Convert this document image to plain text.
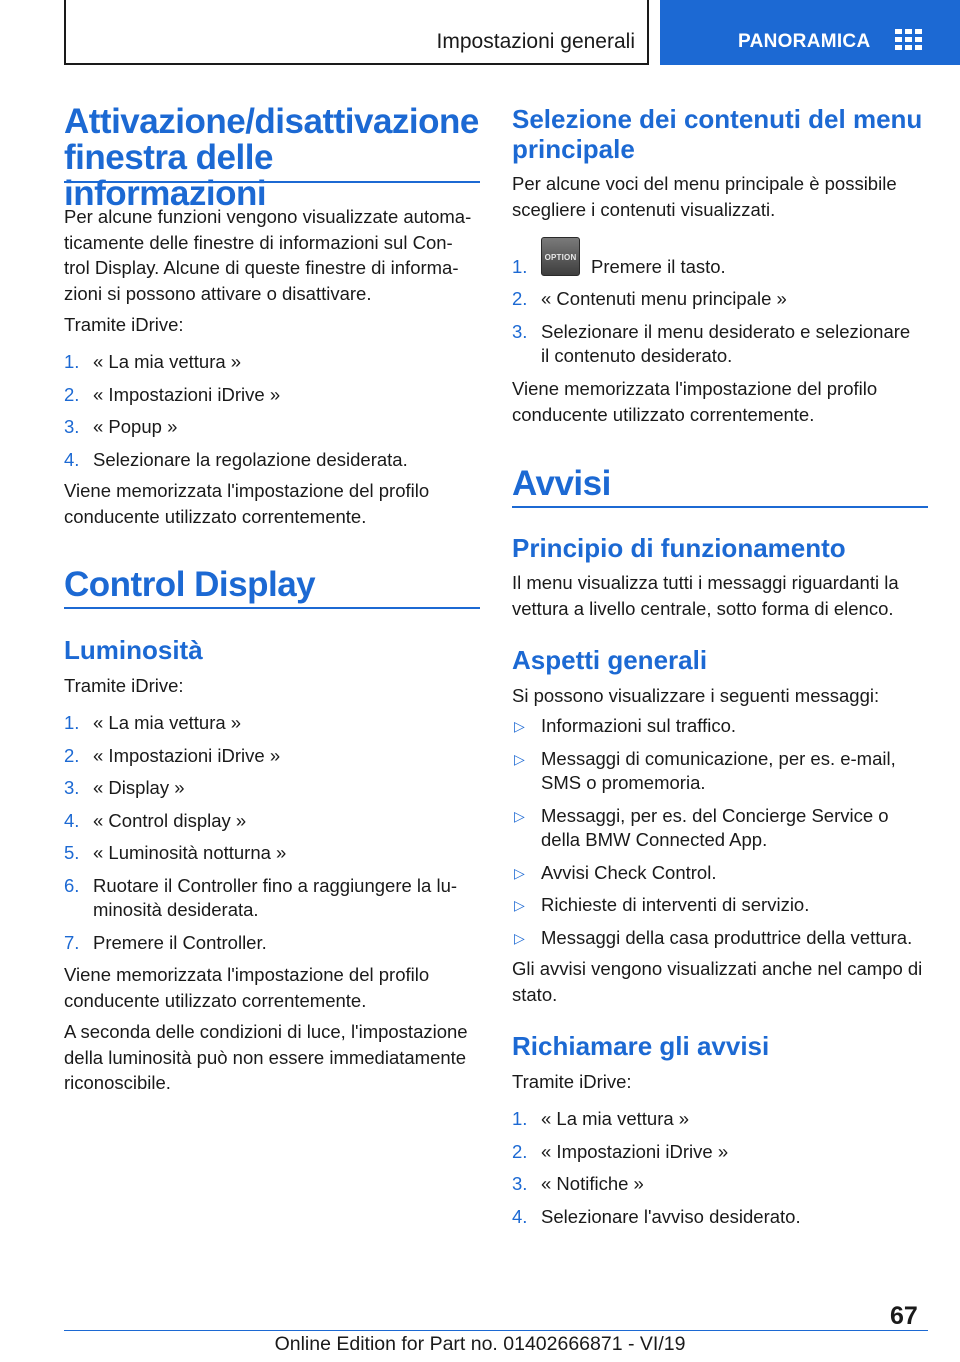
Impostazioni generali	PANORAMICA
Attivazione/disattivazione
finestra delle informazioni
Per alcune funzioni vengono visualizzate automa‐
ticamente delle finestre di informazioni sul Con‐
trol Display. Alcune di queste finestre di informa‐
zioni si possono attivare o disattivare.
Tramite iDrive:
1. « La mia vettura »
2. « Impostazioni iDrive »
3. « Popup »
4. Selezionare la regolazione desiderata.
Viene memorizzata l'impostazione del profilo
conducente utilizzato correntemente.
Control Display
Luminosità
Tramite iDrive:
1. « La mia vettura »
2. « Impostazioni iDrive »
3. « Display »
4. « Control display »
5. « Luminosità notturna »
6. Ruotare il Controller fino a raggiungere la lu‐
minosità desiderata.
7. Premere il Controller.
Viene memorizzata l'impostazione del profilo
conducente utilizzato correntemente.
A seconda delle condizioni di luce, l'impostazione
della luminosità può non essere immediatamente
riconoscibile.
Selezione dei contenuti del menu
principale
Per alcune voci del menu principale è possibile
scegliere i contenuti visualizzati.
1.	OPTION Premere il tasto.
2. « Contenuti menu principale »
3. Selezionare il menu desiderato e selezionare
il contenuto desiderato.
Viene memorizzata l'impostazione del profilo
conducente utilizzato correntemente.
Avvisi
Principio di funzionamento
Il menu visualizza tutti i messaggi riguardanti la
vettura a livello centrale, sotto forma di elenco.
Aspetti generali
Si possono visualizzare i seguenti messaggi:
▷ Informazioni sul traffico.
▷ Messaggi di comunicazione, per es. e-mail,
SMS o promemoria.
▷ Messaggi, per es. del Concierge Service o
della BMW Connected App.
▷ Avvisi Check Control.
▷ Richieste di interventi di servizio.
▷ Messaggi della casa produttrice della vettura.
Gli avvisi vengono visualizzati anche nel campo di
stato.
Richiamare gli avvisi
Tramite iDrive:
1. « La mia vettura »
2. « Impostazioni iDrive »
3. « Notifiche »
4. Selezionare l'avviso desiderato.
67
Online Edition for Part no. 01402666871 - VI/19
